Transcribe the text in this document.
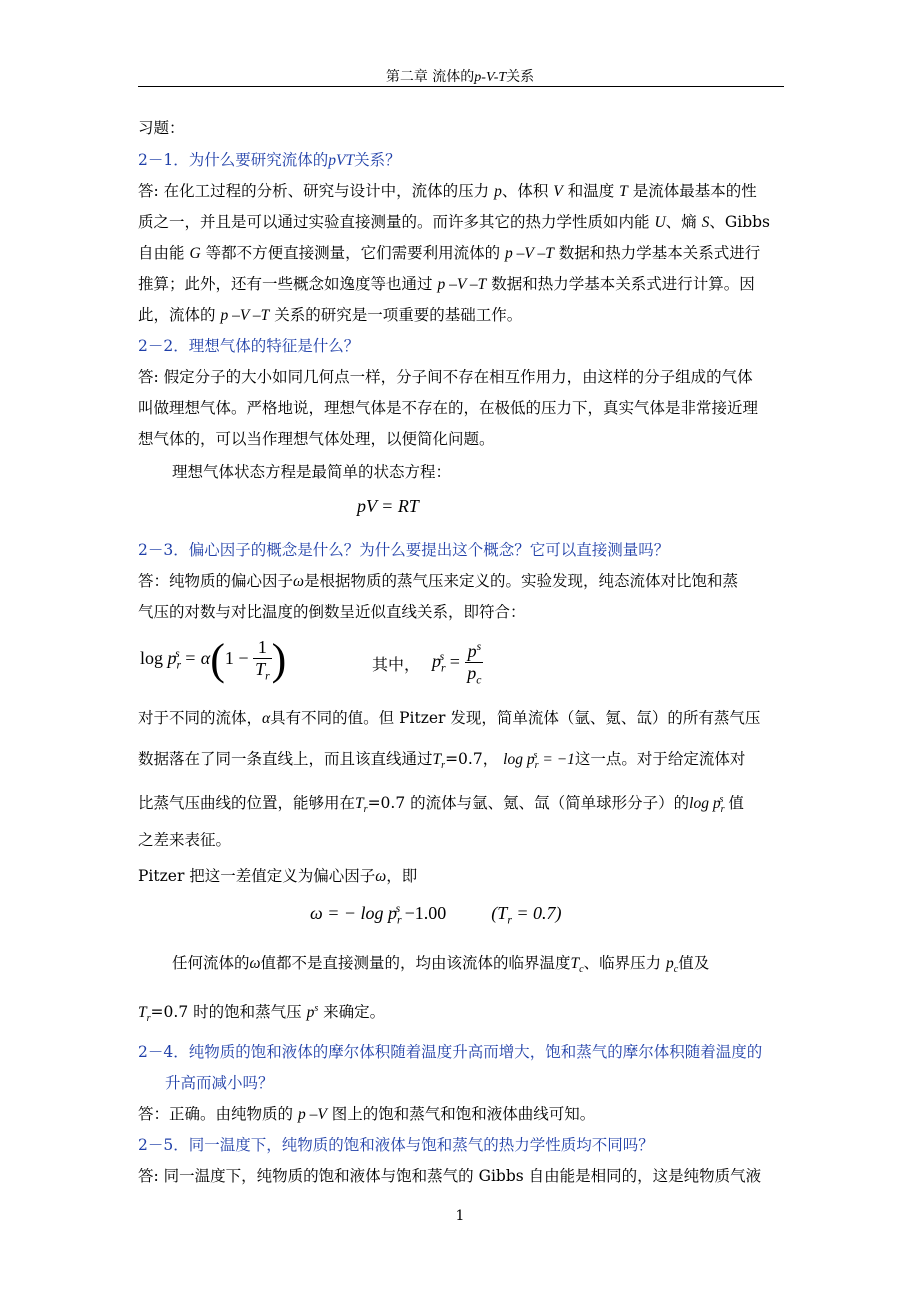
第二章 流体的p-V-T关系
习题：
2－1．为什么要研究流体的pVT关系？
答: 在化工过程的分析、研究与设计中，流体的压力 p、体积 V 和温度 T 是流体最基本的性
质之一，并且是可以通过实验直接测量的。而许多其它的热力学性质如内能 U、熵 S、Gibbs
自由能 G 等都不方便直接测量，它们需要利用流体的 p –V –T 数据和热力学基本关系式进行
推算；此外，还有一些概念如逸度等也通过 p –V –T 数据和热力学基本关系式进行计算。因
此，流体的 p –V –T 关系的研究是一项重要的基础工作。
2－2．理想气体的特征是什么？
答: 假定分子的大小如同几何点一样，分子间不存在相互作用力，由这样的分子组成的气体
叫做理想气体。严格地说，理想气体是不存在的，在极低的压力下，真实气体是非常接近理
想气体的，可以当作理想气体处理，以便简化问题。
理想气体状态方程是最简单的状态方程：
pV = RT
2－3．偏心因子的概念是什么？为什么要提出这个概念？它可以直接测量吗？
答：纯物质的偏心因子ω是根据物质的蒸气压来定义的。实验发现，纯态流体对比饱和蒸
气压的对数与对比温度的倒数呈近似直线关系，即符合：
$\log p_r^s = \alpha(1 - \frac{1}{T_r}$ )	其中， $p_r^s = \frac{p^s}{p_c}$
对于不同的流体，α具有不同的值。但 Pitzer 发现，简单流体（氩、氪、氙）的所有蒸气压
数据落在了同一条直线上，而且该直线通过$T_r=0.7$， $\log p_r^s = -1$这一点。对于给定流体对
比蒸气压曲线的位置，能够用在$T_r=0.7$ 的流体与氩、氪、氙（简单球形分子）的$\log p_r^s$ 值
之差来表征。
Pitzer 把这一差值定义为偏心因子ω，即
ω = − $\log p_r^s -1.00$	$(T_r = 0.7)$
任何流体的ω值都不是直接测量的，均由该流体的临界温度$T_c$、临界压力 $p_c$值及
$T_r=0.7$ 时的饱和蒸气压 $p^s$ 来确定。
2－4．纯物质的饱和液体的摩尔体积随着温度升高而增大，饱和蒸气的摩尔体积随着温度的
升高而减小吗？
答：正确。由纯物质的 p –V 图上的饱和蒸气和饱和液体曲线可知。
2－5．同一温度下，纯物质的饱和液体与饱和蒸气的热力学性质均不同吗？
答: 同一温度下，纯物质的饱和液体与饱和蒸气的 Gibbs 自由能是相同的，这是纯物质气液
1
